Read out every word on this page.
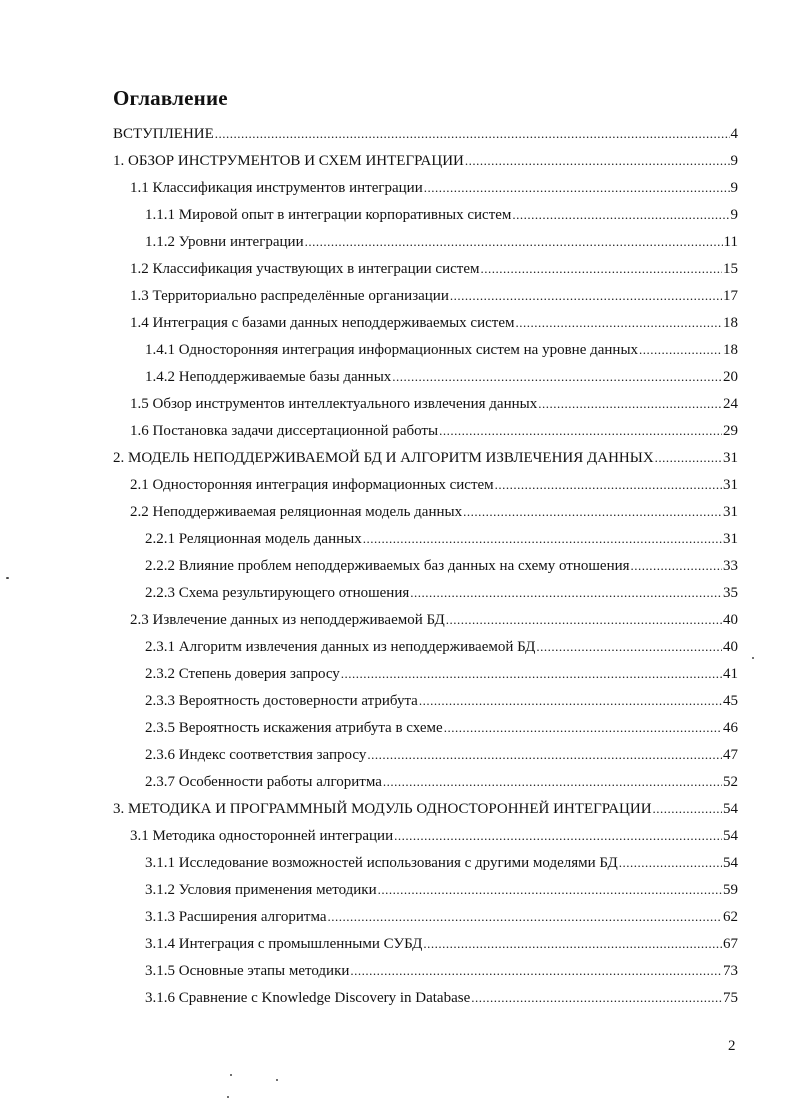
Оглавление
ВСТУПЛЕНИЕ .....	4
1. ОБЗОР ИНСТРУМЕНТОВ И СХЕМ ИНТЕГРАЦИИ .....	9
1.1 Классификация инструментов интеграции .....	9
1.1.1 Мировой опыт в интеграции корпоративных систем .....	9
1.1.2 Уровни интеграции .....	11
1.2 Классификация участвующих в интеграции систем .....	15
1.3 Территориально распределённые организации .....	17
1.4 Интеграция с базами данных неподдерживаемых систем .....	18
1.4.1 Односторонняя интеграция информационных систем на уровне данных .....	18
1.4.2 Неподдерживаемые базы данных .....	20
1.5 Обзор инструментов интеллектуального извлечения данных .....	24
1.6 Постановка задачи диссертационной работы .....	29
2. МОДЕЛЬ НЕПОДДЕРЖИВАЕМОЙ БД И АЛГОРИТМ ИЗВЛЕЧЕНИЯ ДАННЫХ .....	31
2.1 Односторонняя интеграция информационных систем .....	31
2.2 Неподдерживаемая реляционная модель данных .....	31
2.2.1 Реляционная модель данных .....	31
2.2.2 Влияние проблем неподдерживаемых баз данных на схему отношения .....	33
2.2.3 Схема результирующего отношения .....	35
2.3 Извлечение данных из неподдерживаемой БД .....	40
2.3.1 Алгоритм извлечения данных из неподдерживаемой БД .....	40
2.3.2 Степень доверия запросу .....	41
2.3.3 Вероятность достоверности атрибута .....	45
2.3.5 Вероятность искажения атрибута в схеме .....	46
2.3.6 Индекс соответствия запросу .....	47
2.3.7 Особенности работы алгоритма .....	52
3. МЕТОДИКА И ПРОГРАММНЫЙ МОДУЛЬ ОДНОСТОРОННЕЙ ИНТЕГРАЦИИ .....	54
3.1 Методика односторонней интеграции .....	54
3.1.1 Исследование возможностей использования с другими моделями БД .....	54
3.1.2 Условия применения методики .....	59
3.1.3 Расширения алгоритма .....	62
3.1.4 Интеграция с промышленными СУБД .....	67
3.1.5 Основные этапы методики .....	73
3.1.6 Сравнение с Knowledge Discovery in Database .....	75
2
